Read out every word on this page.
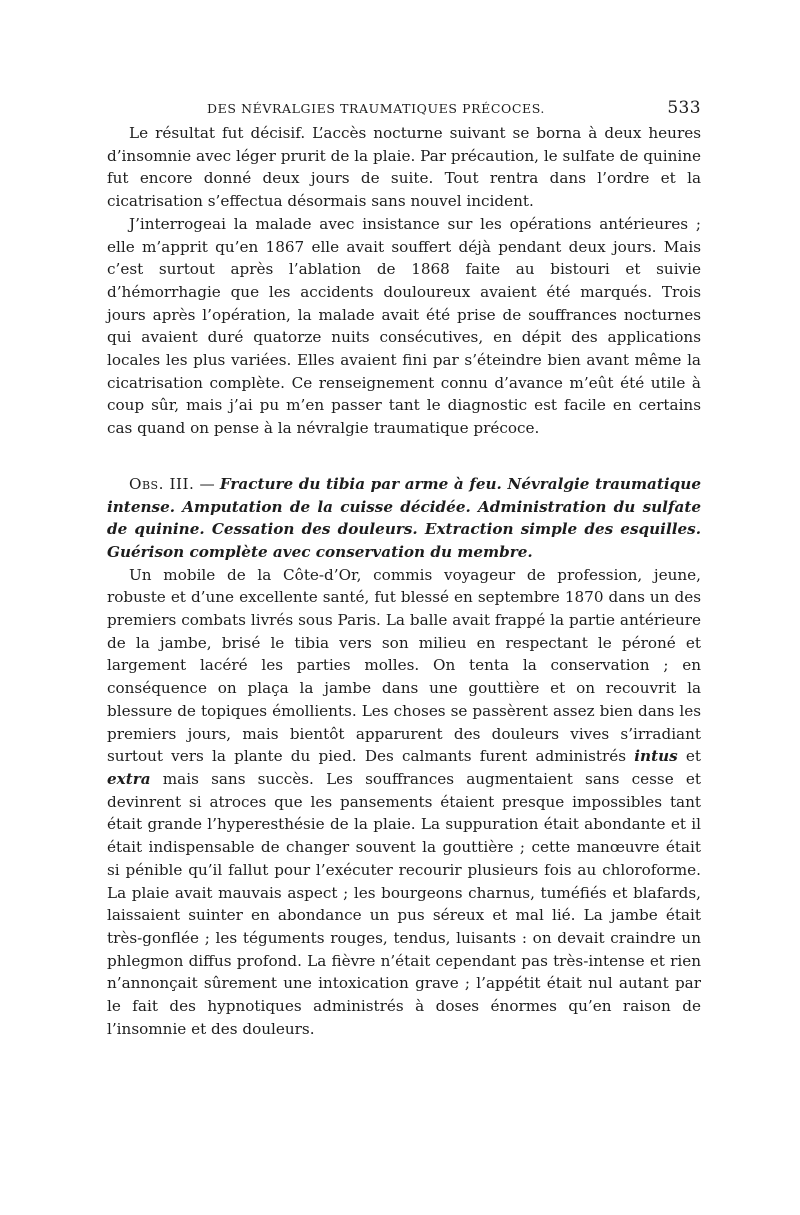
DES NÉVRALGIES TRAUMATIQUES PRÉCOCES.	533

Le résultat fut décisif. L’accès nocturne suivant se borna à deux heures d’insomnie avec léger prurit de la plaie. Par précaution, le sulfate de quinine fut encore donné deux jours de suite. Tout rentra dans l’ordre et la cicatrisation s’effectua désormais sans nouvel incident.

J’interrogeai la malade avec insistance sur les opérations antérieures ; elle m’apprit qu’en 1867 elle avait souffert déjà pendant deux jours. Mais c’est surtout après l’ablation de 1868 faite au bistouri et suivie d’hémorrhagie que les accidents douloureux avaient été marqués. Trois jours après l’opération, la malade avait été prise de souffrances nocturnes qui avaient duré quatorze nuits consécutives, en dépit des applications locales les plus variées. Elles avaient fini par s’éteindre bien avant même la cicatrisation complète. Ce renseignement connu d’avance m’eût été utile à coup sûr, mais j’ai pu m’en passer tant le diagnostic est facile en certains cas quand on pense à la névralgie traumatique précoce.

Obs. III. — Fracture du tibia par arme à feu. Névralgie traumatique intense. Amputation de la cuisse décidée. Administration du sulfate de quinine. Cessation des douleurs. Extraction simple des esquilles. Guérison complète avec conservation du membre.

Un mobile de la Côte-d’Or, commis voyageur de profession, jeune, robuste et d’une excellente santé, fut blessé en septembre 1870 dans un des premiers combats livrés sous Paris. La balle avait frappé la partie antérieure de la jambe, brisé le tibia vers son milieu en respectant le péroné et largement lacéré les parties molles. On tenta la conservation ; en conséquence on plaça la jambe dans une gouttière et on recouvrit la blessure de topiques émollients. Les choses se passèrent assez bien dans les premiers jours, mais bientôt apparurent des douleurs vives s’irradiant surtout vers la plante du pied. Des calmants furent administrés intus et extra mais sans succès. Les souffrances augmentaient sans cesse et devinrent si atroces que les pansements étaient presque impossibles tant était grande l’hyperesthésie de la plaie. La suppuration était abondante et il était indispensable de changer souvent la gouttière ; cette manœuvre était si pénible qu’il fallut pour l’exécuter recourir plusieurs fois au chloroforme. La plaie avait mauvais aspect ; les bourgeons charnus, tuméfiés et blafards, laissaient suinter en abondance un pus séreux et mal lié. La jambe était très-gonflée ; les téguments rouges, tendus, luisants : on devait craindre un phlegmon diffus profond. La fièvre n’était cependant pas très-intense et rien n’annonçait sûrement une intoxication grave ; l’appétit était nul autant par le fait des hypnotiques administrés à doses énormes qu’en raison de l’insomnie et des douleurs.
